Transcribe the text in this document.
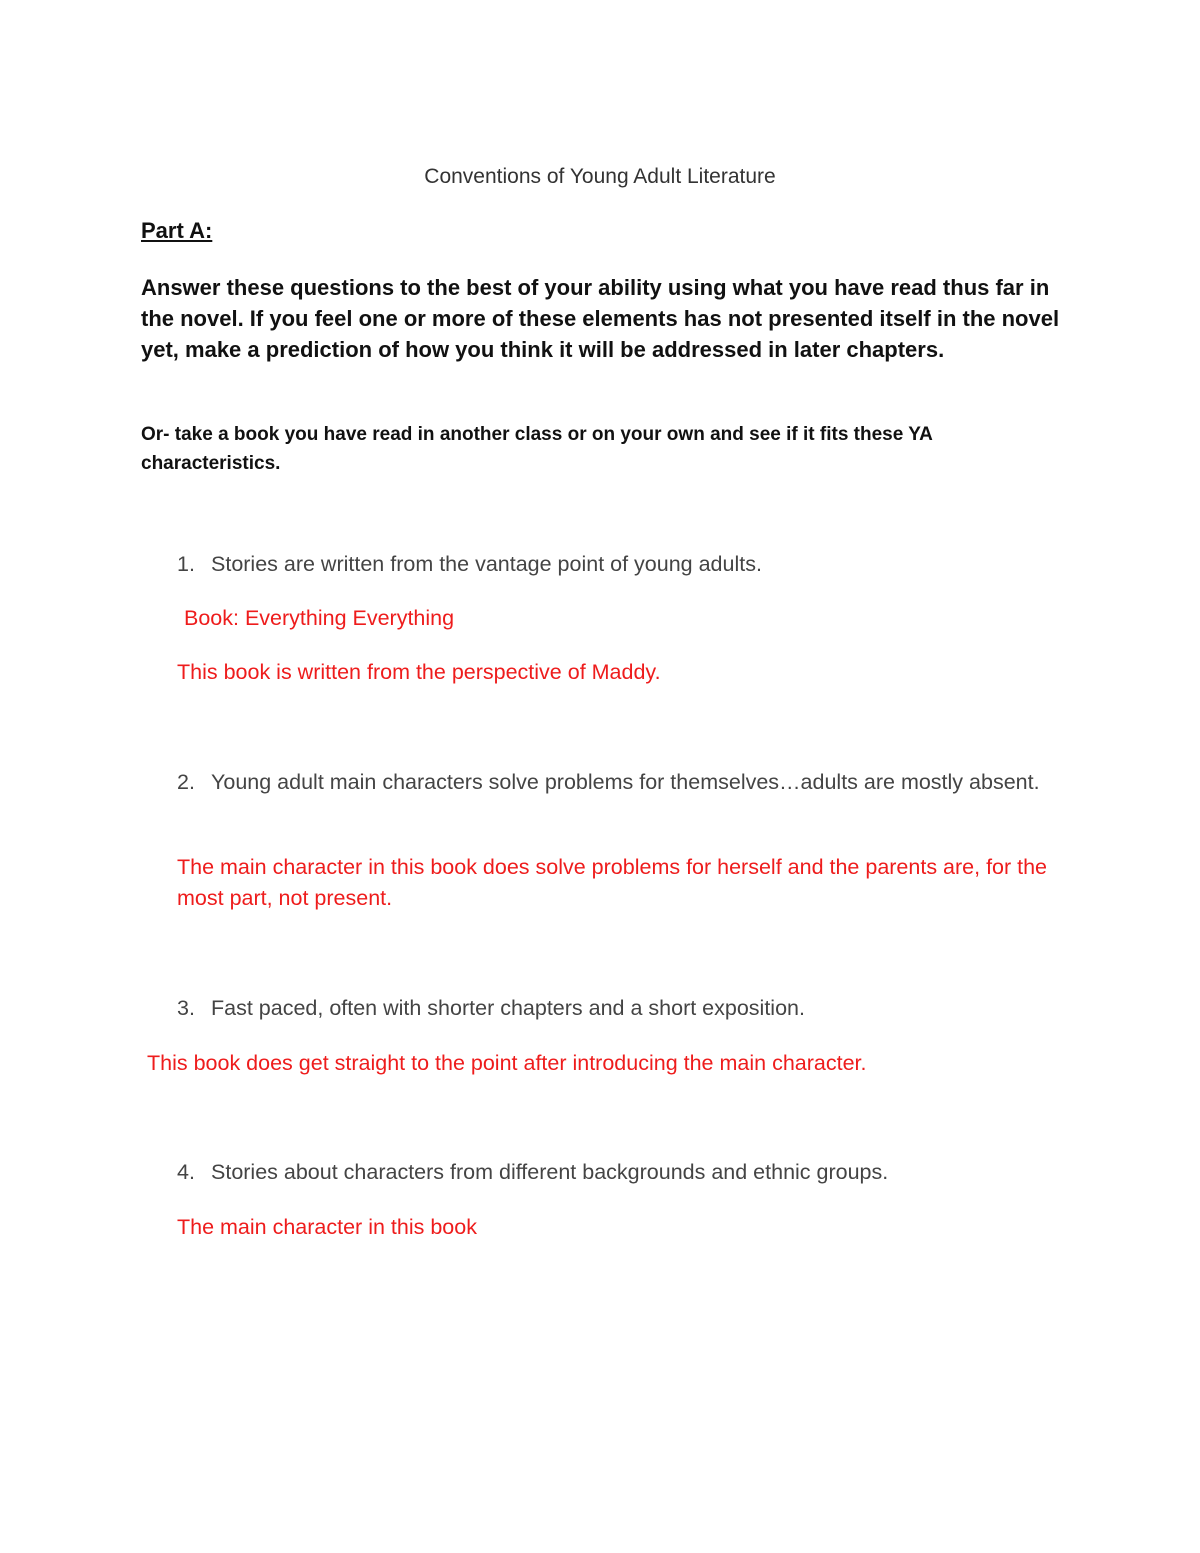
Conventions of Young Adult Literature

Part A:

Answer these questions to the best of your ability using what you have read thus far in the novel. If you feel one or more of these elements has not presented itself in the novel yet, make a prediction of how you think it will be addressed in later chapters.

Or- take a book you have read in another class or on your own and see if it fits these YA characteristics.

1. Stories are written from the vantage point of young adults.

Book: Everything Everything

This book is written from the perspective of Maddy.

2. Young adult main characters solve problems for themselves…adults are mostly absent.

The main character in this book does solve problems for herself and the parents are, for the most part, not present.

3. Fast paced, often with shorter chapters and a short exposition.

This book does get straight to the point after introducing the main character.

4. Stories about characters from different backgrounds and ethnic groups.

The main character in this book
